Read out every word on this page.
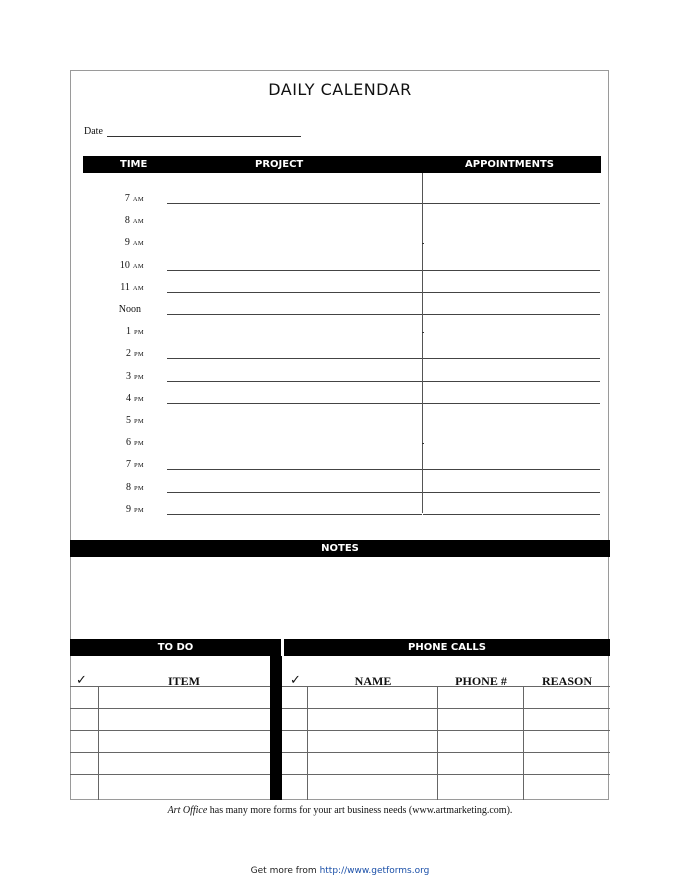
DAILY CALENDAR
Date
TIME	PROJECT	APPOINTMENTS
7 AM
8 AM
9 AM
10 AM
11 AM
Noon
1 PM
2 PM
3 PM
4 PM
5 PM
6 PM
7 PM
8 PM
9 PM
NOTES
TO DO	PHONE CALLS
✓	ITEM	✓	NAME	PHONE #	REASON
Art Office has many more forms for your art business needs (www.artmarketing.com).
Get more from http://www.getforms.org
